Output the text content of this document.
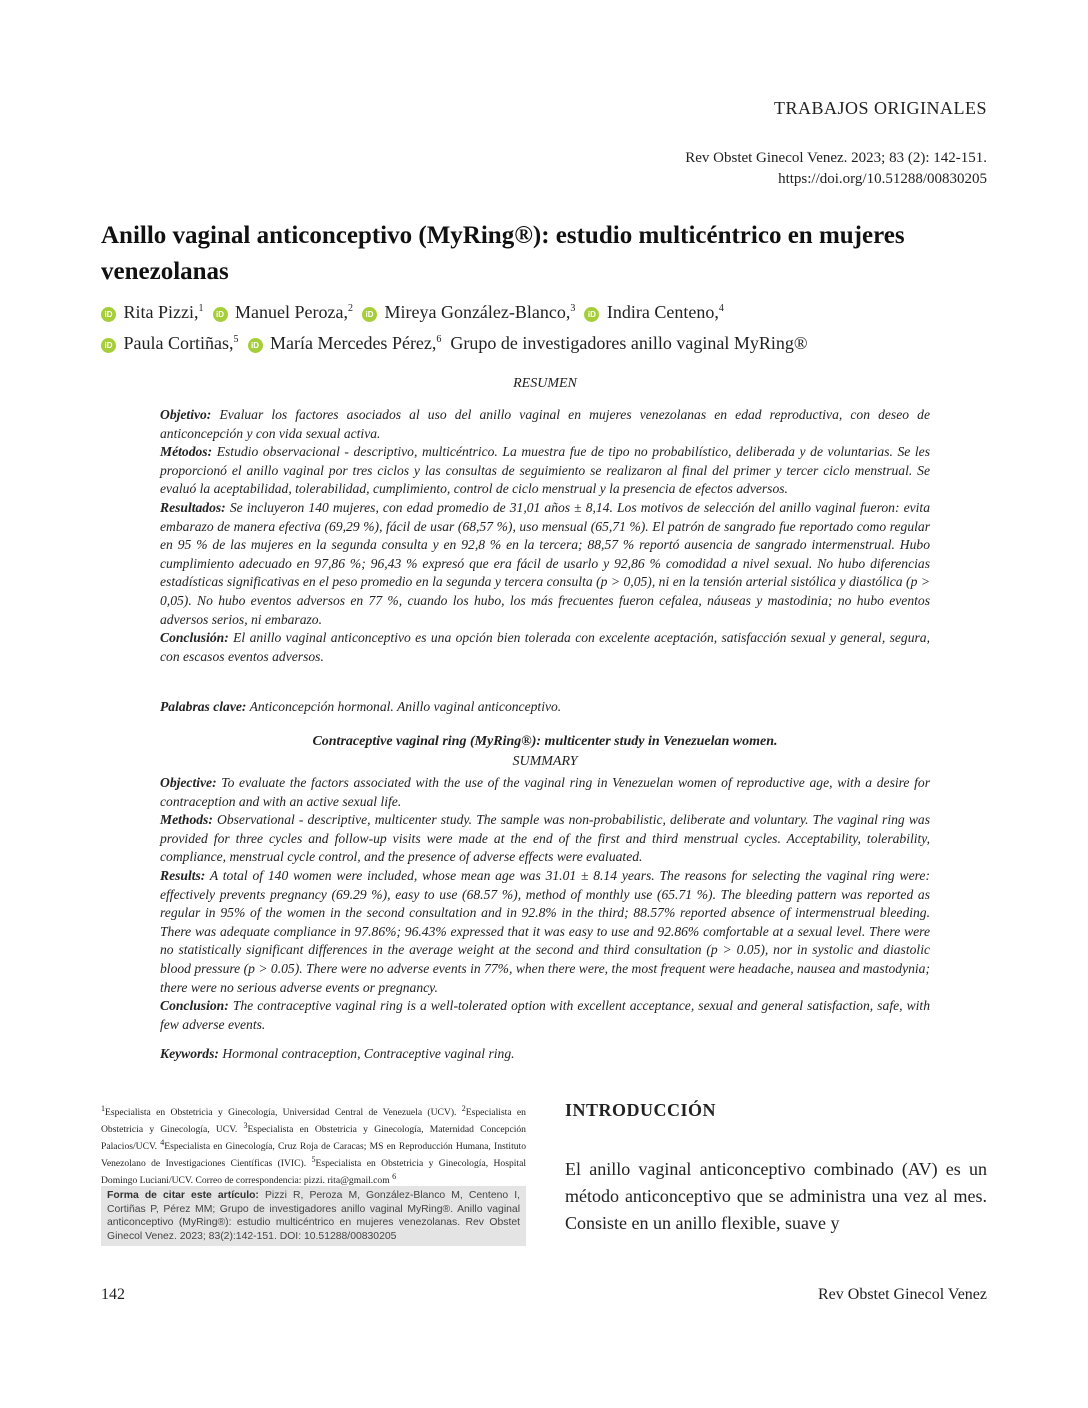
TRABAJOS ORIGINALES
Rev Obstet Ginecol Venez. 2023; 83 (2): 142-151.
https://doi.org/10.51288/00830205
Anillo vaginal anticonceptivo (MyRing®): estudio multicéntrico en mujeres venezolanas
iD Rita Pizzi,$^1$  iD Manuel Peroza,$^2$  iD Mireya González-Blanco,$^3$  iD Indira Centeno,$^4$
iD Paula Cortiñas,$^5$  iD María Mercedes Pérez,$^6$ Grupo de investigadores anillo vaginal MyRing®
RESUMEN

Objetivo: Evaluar los factores asociados al uso del anillo vaginal en mujeres venezolanas en edad reproductiva, con deseo de anticoncepción y con vida sexual activa.

Métodos: Estudio observacional - descriptivo, multicéntrico. La muestra fue de tipo no probabilístico, deliberada y de voluntarias. Se les proporcionó el anillo vaginal por tres ciclos y las consultas de seguimiento se realizaron al final del primer y tercer ciclo menstrual. Se evaluó la aceptabilidad, tolerabilidad, cumplimiento, control de ciclo menstrual y la presencia de efectos adversos.

Resultados: Se incluyeron 140 mujeres, con edad promedio de 31,01 años ± 8,14. Los motivos de selección del anillo vaginal fueron: evita embarazo de manera efectiva (69,29 %), fácil de usar (68,57 %), uso mensual (65,71 %). El patrón de sangrado fue reportado como regular en 95 % de las mujeres en la segunda consulta y en 92,8 % en la tercera; 88,57 % reportó ausencia de sangrado intermenstrual. Hubo cumplimiento adecuado en 97,86 %; 96,43 % expresó que era fácil de usarlo y 92,86 % comodidad a nivel sexual. No hubo diferencias estadísticas significativas en el peso promedio en la segunda y tercera consulta (p > 0,05), ni en la tensión arterial sistólica y diastólica (p > 0,05). No hubo eventos adversos en 77 %, cuando los hubo, los más frecuentes fueron cefalea, náuseas y mastodinia; no hubo eventos adversos serios, ni embarazo.

Conclusión: El anillo vaginal anticonceptivo es una opción bien tolerada con excelente aceptación, satisfacción sexual y general, segura, con escasos eventos adversos.

Palabras clave: Anticoncepción hormonal. Anillo vaginal anticonceptivo.
Contraceptive vaginal ring (MyRing®): multicenter study in Venezuelan women.
SUMMARY

Objective: To evaluate the factors associated with the use of the vaginal ring in Venezuelan women of reproductive age, with a desire for contraception and with an active sexual life.

Methods: Observational - descriptive, multicenter study. The sample was non-probabilistic, deliberate and voluntary. The vaginal ring was provided for three cycles and follow-up visits were made at the end of the first and third menstrual cycles. Acceptability, tolerability, compliance, menstrual cycle control, and the presence of adverse effects were evaluated.

Results: A total of 140 women were included, whose mean age was 31.01 ± 8.14 years. The reasons for selecting the vaginal ring were: effectively prevents pregnancy (69.29 %), easy to use (68.57 %), method of monthly use (65.71 %). The bleeding pattern was reported as regular in 95% of the women in the second consultation and in 92.8% in the third; 88.57% reported absence of intermenstrual bleeding. There was adequate compliance in 97.86%; 96.43% expressed that it was easy to use and 92.86% comfortable at a sexual level. There were no statistically significant differences in the average weight at the second and third consultation (p > 0.05), nor in systolic and diastolic blood pressure (p > 0.05). There were no adverse events in 77%, when there were, the most frequent were headache, nausea and mastodynia; there were no serious adverse events or pregnancy.

Conclusion: The contraceptive vaginal ring is a well-tolerated option with excellent acceptance, sexual and general satisfaction, safe, with few adverse events.

Keywords: Hormonal contraception, Contraceptive vaginal ring.
$^1$Especialista en Obstetricia y Ginecología, Universidad Central de Venezuela (UCV). $^2$Especialista en Obstetricia y Ginecología, UCV. $^3$Especialista en Obstetricia y Ginecología, Maternidad Concepción Palacios/UCV. $^4$Especialista en Ginecología, Cruz Roja de Caracas; MS en Reproducción Humana, Instituto Venezolano de Investigaciones Científicas (IVIC). $^5$Especialista en Obstetricia y Ginecología, Hospital Domingo Luciani/UCV. Correo de correspondencia: pizzi. rita@gmail.com $^6$
Forma de citar este artículo: Pizzi R, Peroza M, González-Blanco M, Centeno I, Cortiñas P, Pérez MM; Grupo de investigadores anillo vaginal MyRing®. Anillo vaginal anticonceptivo (MyRing®): estudio multicéntrico en mujeres venezolanas. Rev Obstet Ginecol Venez. 2023; 83(2):142-151. DOI: 10.51288/00830205
INTRODUCCIÓN
El anillo vaginal anticonceptivo combinado (AV) es un método anticonceptivo que se administra una vez al mes. Consiste en un anillo flexible, suave y
142	Rev Obstet Ginecol Venez
